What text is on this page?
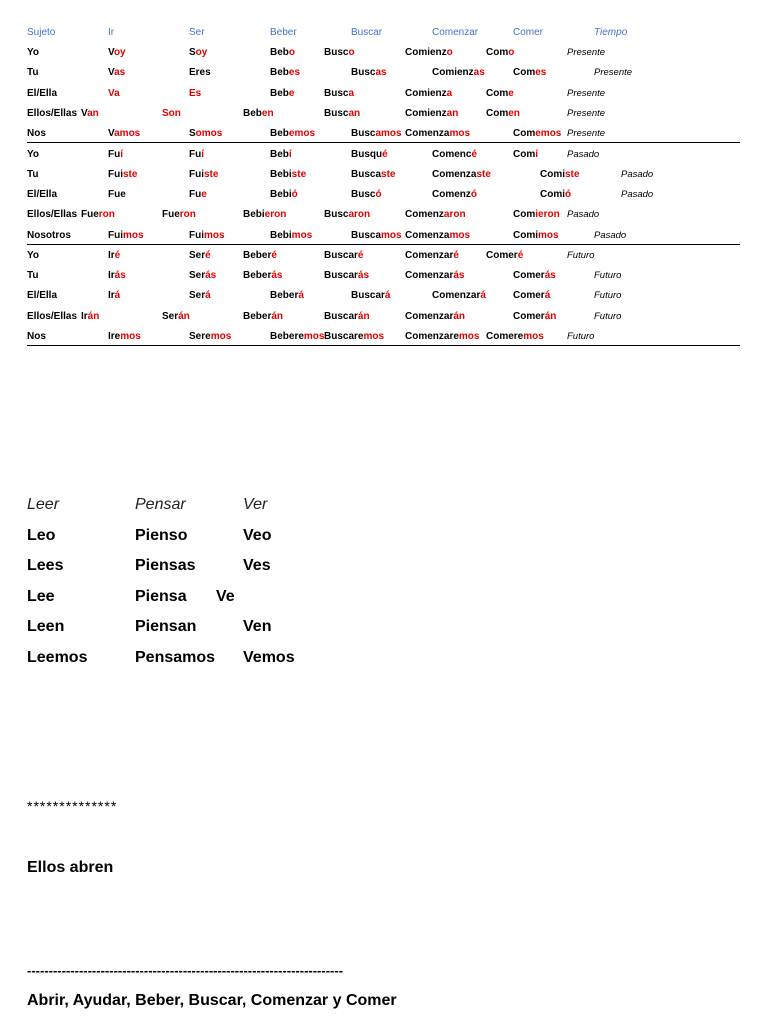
Sujeto	Ir	Ser	Beber	Buscar	Comenzar	Comer	Tiempo
Yo	Voy	Soy	Bebo	Busco	Comienzo	Como	Presente
Tu	Vas	Eres	Bebes	Buscas	Comienzas	Comes	Presente
El/Ella	Va	Es	Bebe	Busca	Comienza	Come	Presente
Ellos/Ellas Van	Son	Beben	Buscan	Comienzan	Comen	Presente
Nos	Vamos	Somos	Bebemos	Buscamos Comenzamos	Comemos Presente
Yo	Fuí	Fuí	Bebí	Busqué	Comencé	Comí	Pasado
Tu	Fuiste	Fuiste	Bebiste	Buscaste	Comenzaste	Comiste	Pasado
El/Ella	Fue	Fue	Bebió	Buscó	Comenzó	Comió	Pasado
Ellos/Ellas Fueron	Fueron	Bebieron	Buscaron	Comenzaron	Comieron Pasado
Nosotros	Fuimos	Fuimos	Bebimos	Buscamos Comenzamos	Comimos	Pasado
Yo	Iré	Seré	Beberé	Buscaré	Comenzaré	Comeré	Futuro
Tu	Irás	Serás	Beberás	Buscarás	Comenzarás	Comerás	Futuro
El/Ella	Irá	Será	Beberá	Buscará	Comenzará	Comerá	Futuro
Ellos/Ellas Irán	Serán	Beberán	Buscarán	Comenzarán	Comerán	Futuro
Nos	Iremos	Seremos	Beberemos Buscaremos Comenzaremos Comeremos Futuro
Leer	Pensar	Ver
Leo	Pienso	Veo
Lees	Piensas	Ves
Lee	Piensa Ve
Leen	Piensan	Ven
Leemos	Pensamos Vemos
**************
Ellos abren
-------------------------------------------------------------------------
Abrir, Ayudar, Beber, Buscar, Comenzar y Comer
